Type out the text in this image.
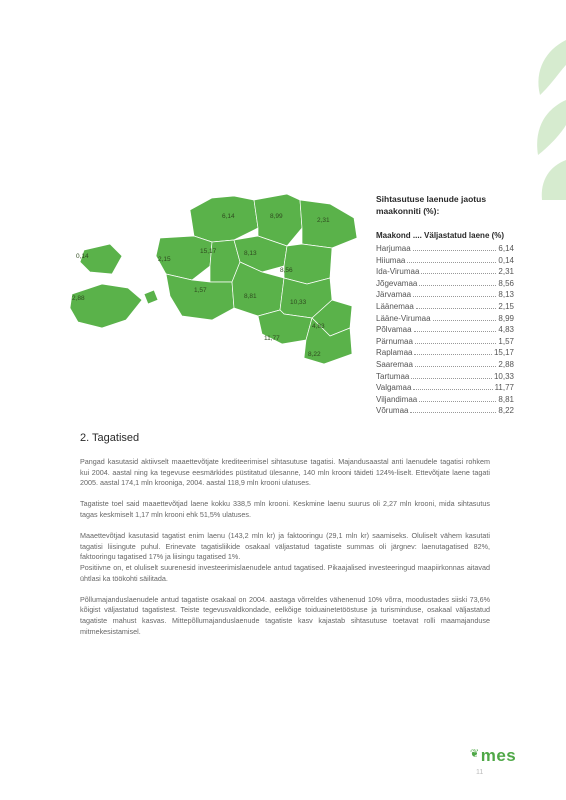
6,14	8,99
2,31
0,14
15,17	8,13
2,15
8,56
1,57
2,88	8,81
10,33
4,83
11,77
8,22

Sihtasutuse laenude jaotus maakonniti (%):

Maakond .... Väljastatud laene (%)
Harjumaa	6,14
Hiiumaa	0,14
Ida-Virumaa	2,31
Jõgevamaa	8,56
Järvamaa	8,13
Läänemaa	2,15
Lääne-Virumaa	8,99
Põlvamaa	4,83
Pärnumaa	1,57
Raplamaa	15,17
Saaremaa	2,88
Tartumaa	10,33
Valgamaa	11,77
Viljandimaa	8,81
Võrumaa	8,22
2. Tagatised

Pangad kasutasid aktiivselt maaettevõtjate krediteerimisel sihtasutuse tagatisi. Majandusaastal anti laenudele tagatisi rohkem kui 2004. aastal ning ka tegevuse eesmärkides püstitatud ülesanne, 140 mln krooni täideti 124%-liselt. Ettevõtjate laene tagati 2005. aastal 174,1 mln krooniga, 2004. aastal 118,9 mln krooni ulatuses.

Tagatiste toel said maaettevõtjad laene kokku 338,5 mln krooni. Keskmine laenu suurus oli 2,27 mln krooni, mida sihtasutus tagas keskmiselt 1,17 mln krooni ehk 51,5% ulatuses.

Maaettevõtjad kasutasid tagatist enim laenu (143,2 mln kr) ja faktooringu (29,1 mln kr) saamiseks. Oluliselt vähem kasutati tagatisi liisingute puhul. Erinevate tagatisliikide osakaal väljastatud tagatiste summas oli järgnev: laenutagatised 82%, faktooringu tagatised 17% ja liisingu tagatised 1%.
Positiivne on, et oluliselt suurenesid investeerimislaenudele antud tagatised. Pikaajalised investeeringud maapiirkonnas aitavad ühtlasi ka töökohti säilitada.

Põllumajanduslaenudele antud tagatiste osakaal on 2004. aastaga võrreldes vähenenud 10% võrra, moodustades siiski 73,6% kõigist väljastatud tagatistest. Teiste tegevusvaldkondade, eelkõige toiduainetetööstuse ja turismindusе, osakaal väljastatud tagatiste mahust kasvas. Mittepõllumajanduslaenude tagatiste kasv kajastab sihtasutuse toetavat rolli maamajanduse mitmekesistamisel.

❦mes
11
